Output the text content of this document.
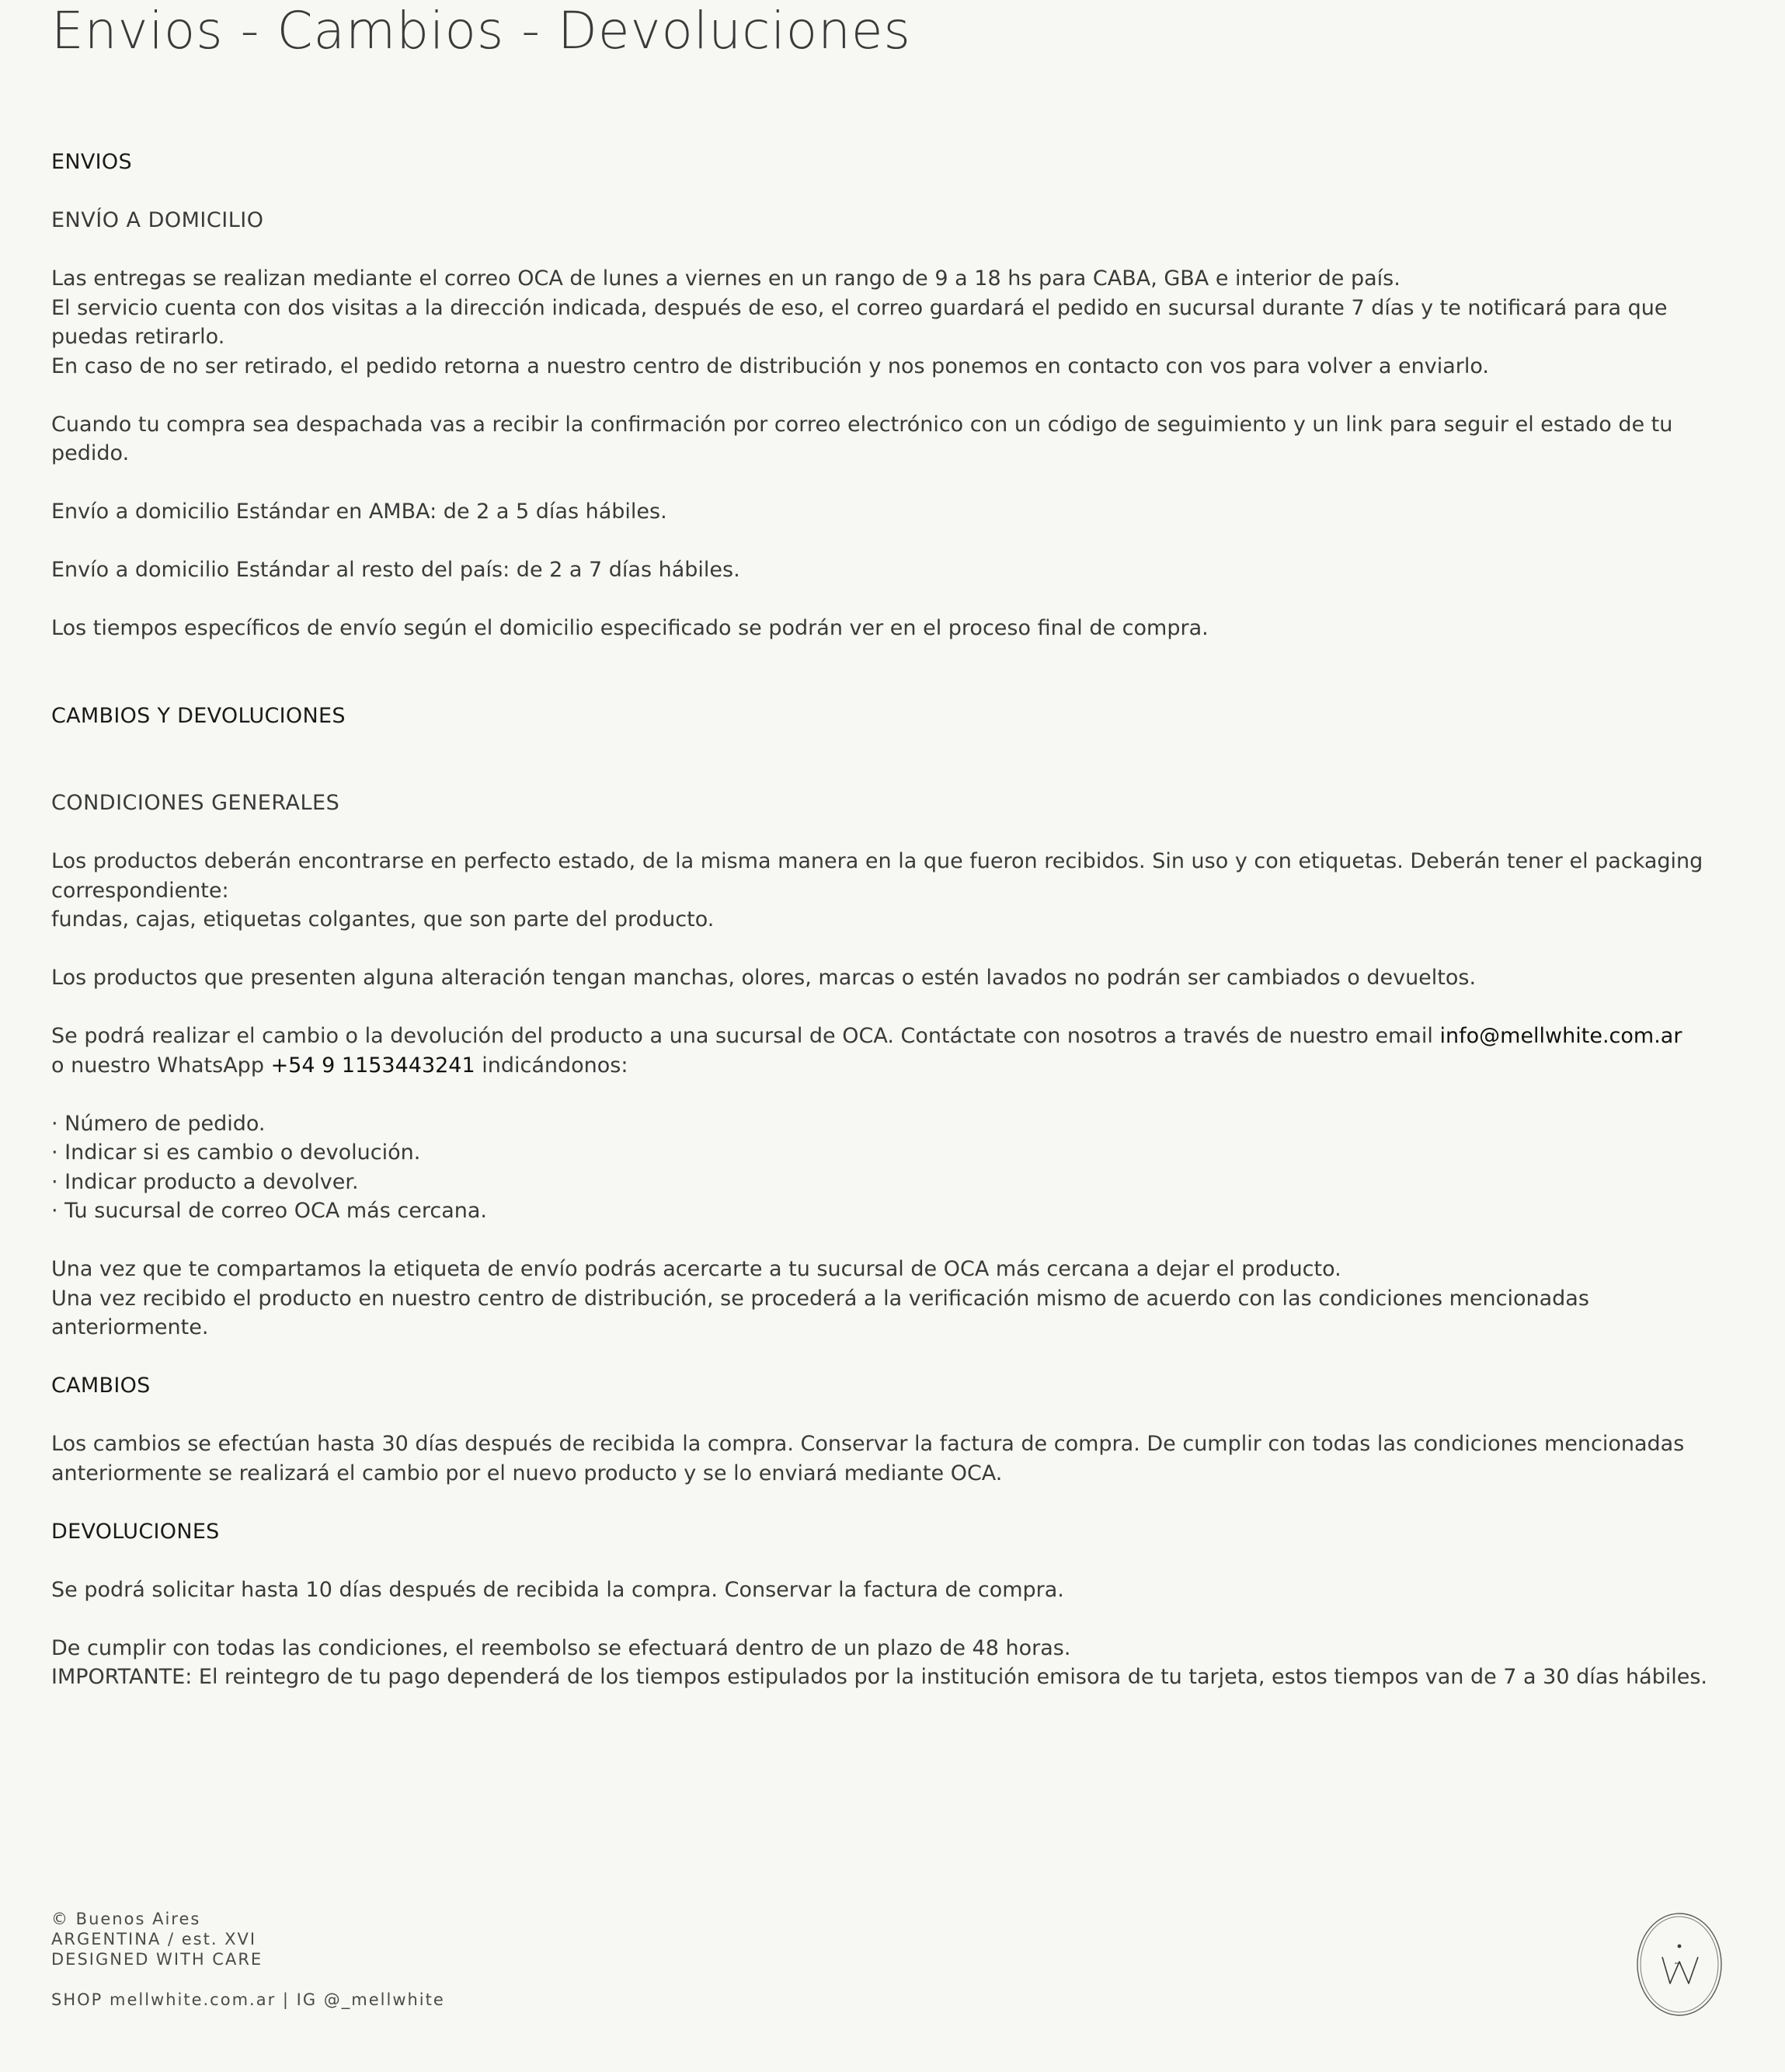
Envios - Cambios - Devoluciones

ENVIOS

ENVÍO A DOMICILIO

Las entregas se realizan mediante el correo OCA de lunes a viernes en un rango de 9 a 18 hs para CABA, GBA e interior de país.

El servicio cuenta con dos visitas a la dirección indicada, después de eso, el correo guardará el pedido en sucursal durante 7 días y te notificará para que

puedas retirarlo.

En caso de no ser retirado, el pedido retorna a nuestro centro de distribución y nos ponemos en contacto con vos para volver a enviarlo.

Cuando tu compra sea despachada vas a recibir la confirmación por correo electrónico con un código de seguimiento y un link para seguir el estado de tu

pedido.

Envío a domicilio Estándar en AMBA: de 2 a 5 días hábiles.

Envío a domicilio Estándar al resto del país: de 2 a 7 días hábiles.

Los tiempos específicos de envío según el domicilio especificado se podrán ver en el proceso final de compra.

CAMBIOS Y DEVOLUCIONES

CONDICIONES GENERALES

Los productos deberán encontrarse en perfecto estado, de la misma manera en la que fueron recibidos. Sin uso y con etiquetas. Deberán tener el packaging

correspondiente:

fundas, cajas, etiquetas colgantes, que son parte del producto.

Los productos que presenten alguna alteración tengan manchas, olores, marcas o estén lavados no podrán ser cambiados o devueltos.

Se podrá realizar el cambio o la devolución del producto a una sucursal de OCA. Contáctate con nosotros a través de nuestro email info@mellwhite.com.ar

o nuestro WhatsApp +54 9 1153443241 indicándonos:

· Número de pedido.

· Indicar si es cambio o devolución.

· Indicar producto a devolver.

· Tu sucursal de correo OCA más cercana.

Una vez que te compartamos la etiqueta de envío podrás acercarte a tu sucursal de OCA más cercana a dejar el producto.

Una vez recibido el producto en nuestro centro de distribución, se procederá a la verificación mismo de acuerdo con las condiciones mencionadas

anteriormente.

CAMBIOS

Los cambios se efectúan hasta 30 días después de recibida la compra. Conservar la factura de compra. De cumplir con todas las condiciones mencionadas

anteriormente se realizará el cambio por el nuevo producto y se lo enviará mediante OCA.

DEVOLUCIONES

Se podrá solicitar hasta 10 días después de recibida la compra. Conservar la factura de compra.

De cumplir con todas las condiciones, el reembolso se efectuará dentro de un plazo de 48 horas.

IMPORTANTE: El reintegro de tu pago dependerá de los tiempos estipulados por la institución emisora de tu tarjeta, estos tiempos van de 7 a 30 días hábiles.

© Buenos Aires

ARGENTINA / est. XVI

DESIGNED WITH CARE

SHOP mellwhite.com.ar | IG @_mellwhite
